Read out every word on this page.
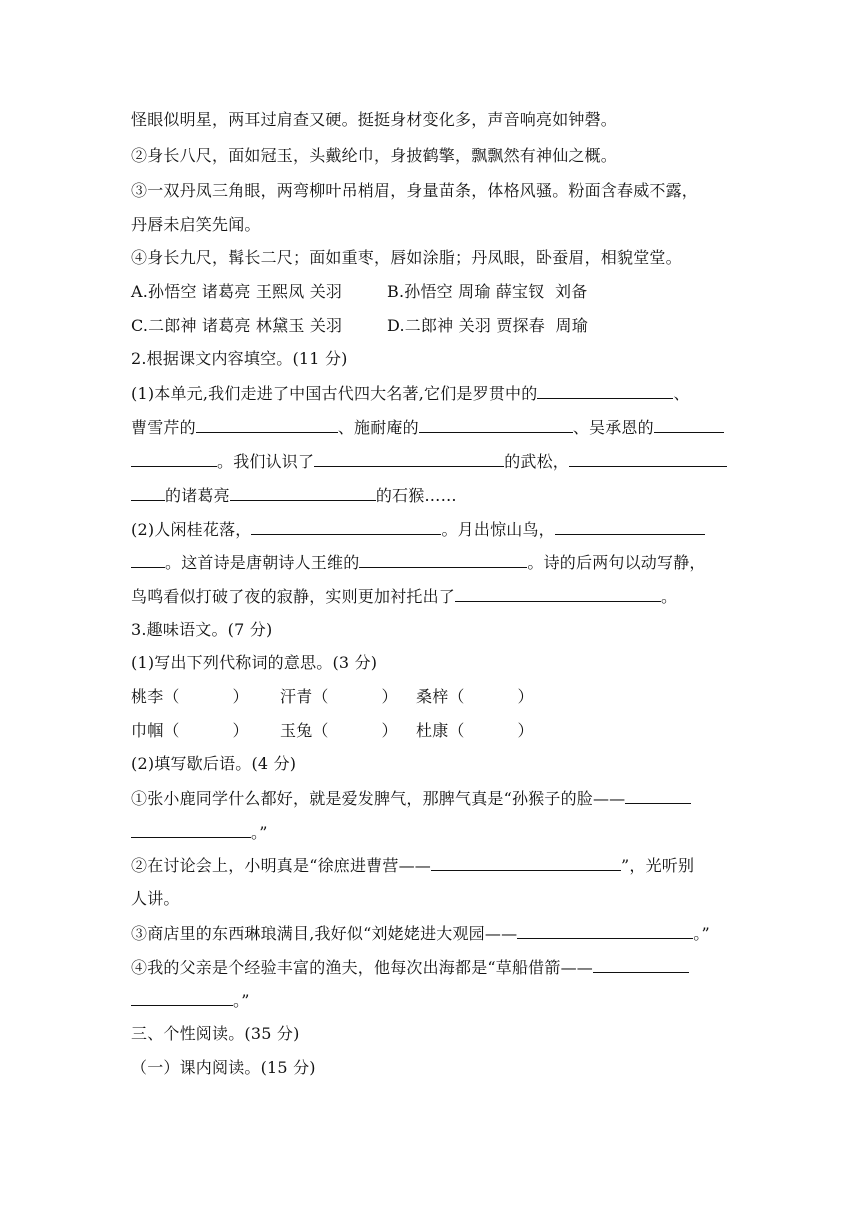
怪眼似明星，两耳过肩查又硬。挺挺身材变化多，声音响亮如钟磬。
②身长八尺，面如冠玉，头戴纶巾，身披鹤擎，飘飘然有神仙之概。
③一双丹凤三角眼，两弯柳叶吊梢眉，身量苗条，体格风骚。粉面含春威不露，
丹唇未启笑先闻。
④身长九尺，髯长二尺；面如重枣，唇如涂脂；丹凤眼，卧蚕眉，相貌堂堂。
A.孙悟空 诸葛亮 王熙凤 关羽	B.孙悟空 周瑜 薛宝钗  刘备
C.二郎神 诸葛亮 林黛玉 关羽	D.二郎神 关羽 贾探春  周瑜
2.根据课文内容填空。(11 分)
(1)本单元,我们走进了中国古代四大名著,它们是罗贯中的	、
曹雪芹的	、施耐庵的	、吴承恩的
。我们认识了	的武松，
的诸葛亮	的石猴……
(2)人闲桂花落，	。月出惊山鸟，
。这首诗是唐朝诗人王维的	。诗的后两句以动写静，
鸟鸣看似打破了夜的寂静，实则更加衬托出了	。
3.趣味语文。(7 分)
(1)写出下列代称词的意思。(3 分)
桃李（          ） 汗青（          ） 桑梓（          ）
巾帼（          ） 玉兔（          ） 杜康（          ）
(2)填写歇后语。(4 分)
①张小鹿同学什么都好，就是爱发脾气，那脾气真是“孙猴子的脸——
。”
②在讨论会上，小明真是“徐庶进曹营——	”，光听别
人讲。
③商店里的东西琳琅满目,我好似“刘姥姥进大观园——	。”
④我的父亲是个经验丰富的渔夫，他每次出海都是“草船借箭——
。”
三、个性阅读。(35 分)
（一）课内阅读。(15 分)
